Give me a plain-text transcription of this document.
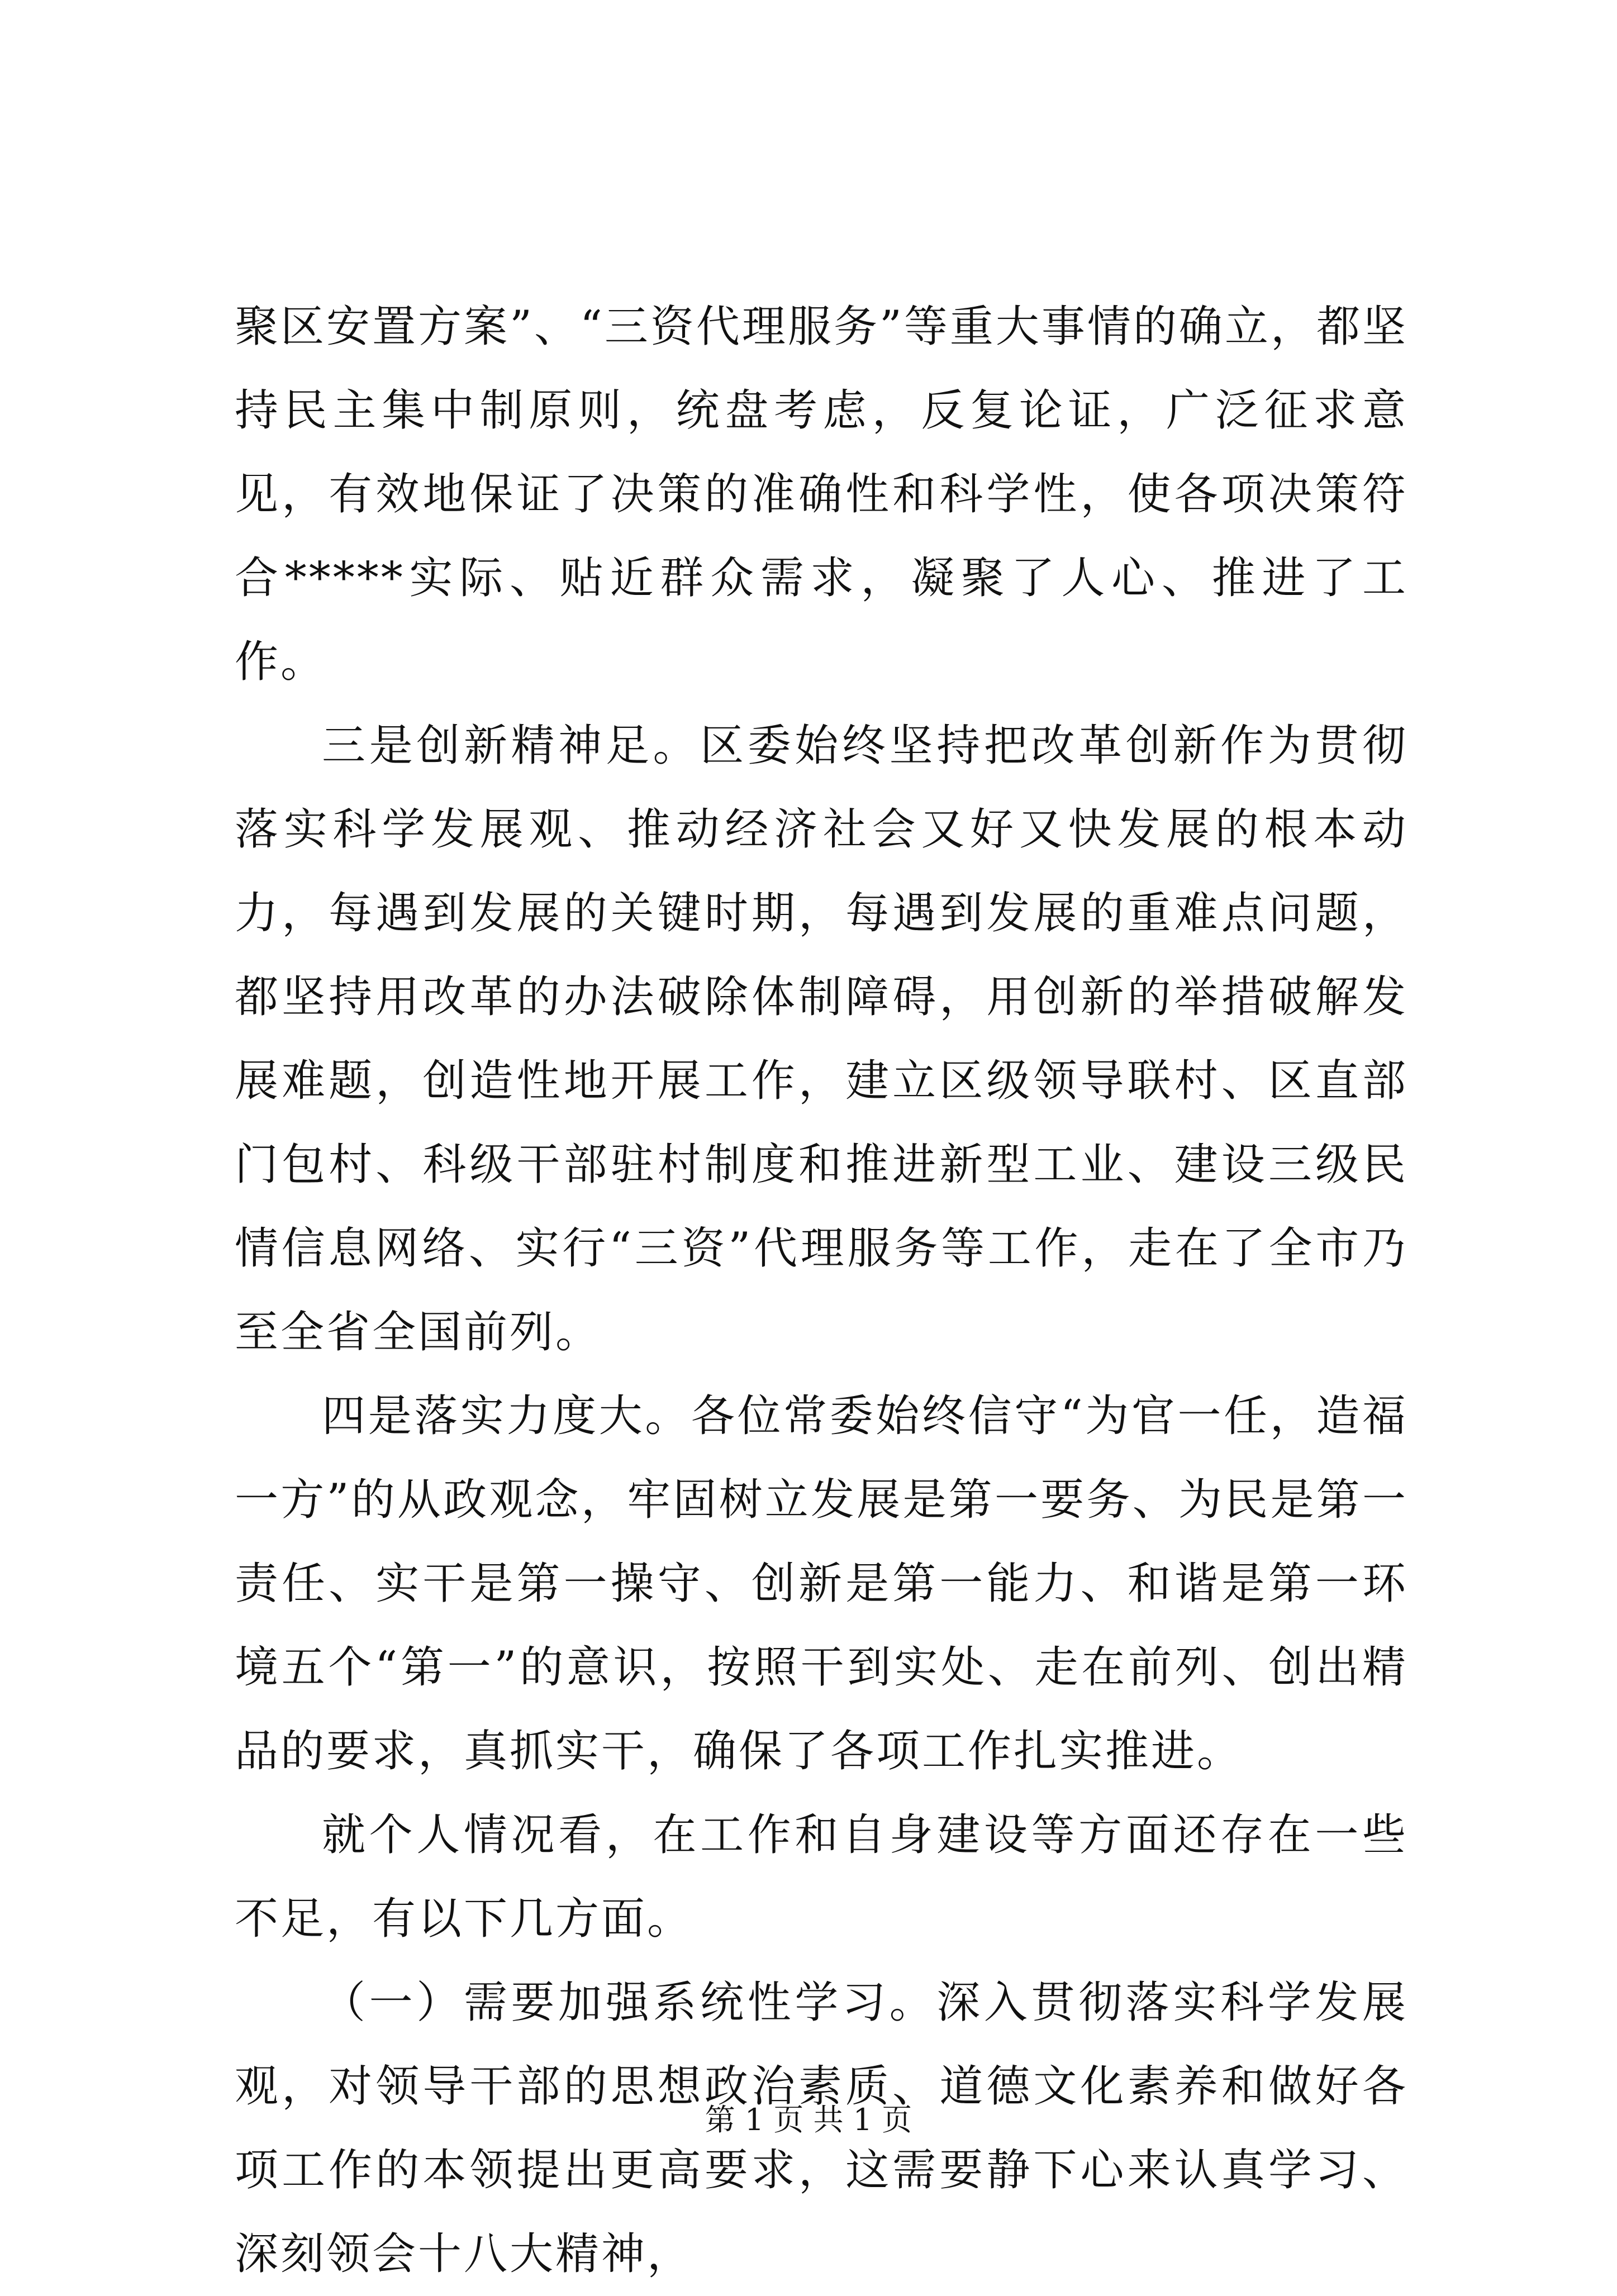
聚区安置方案”、“三资代理服务”等重大事情的确立，都坚持民主集中制原则，统盘考虑，反复论证，广泛征求意见，有效地保证了决策的准确性和科学性，使各项决策符合*****实际、贴近群众需求，凝聚了人心、推进了工作。

三是创新精神足。区委始终坚持把改革创新作为贯彻落实科学发展观、推动经济社会又好又快发展的根本动力，每遇到发展的关键时期，每遇到发展的重难点问题，都坚持用改革的办法破除体制障碍，用创新的举措破解发展难题，创造性地开展工作，建立区级领导联村、区直部门包村、科级干部驻村制度和推进新型工业、建设三级民情信息网络、实行“三资”代理服务等工作，走在了全市乃至全省全国前列。

四是落实力度大。各位常委始终信守“为官一任，造福一方”的从政观念，牢固树立发展是第一要务、为民是第一责任、实干是第一操守、创新是第一能力、和谐是第一环境五个“第一”的意识，按照干到实处、走在前列、创出精品的要求，真抓实干，确保了各项工作扎实推进。

就个人情况看，在工作和自身建设等方面还存在一些不足，有以下几方面。

（一）需要加强系统性学习。深入贯彻落实科学发展观，对领导干部的思想政治素质、道德文化素养和做好各项工作的本领提出更高要求，这需要静下心来认真学习、深刻领会十八大精神，

第 1 页 共 1 页
